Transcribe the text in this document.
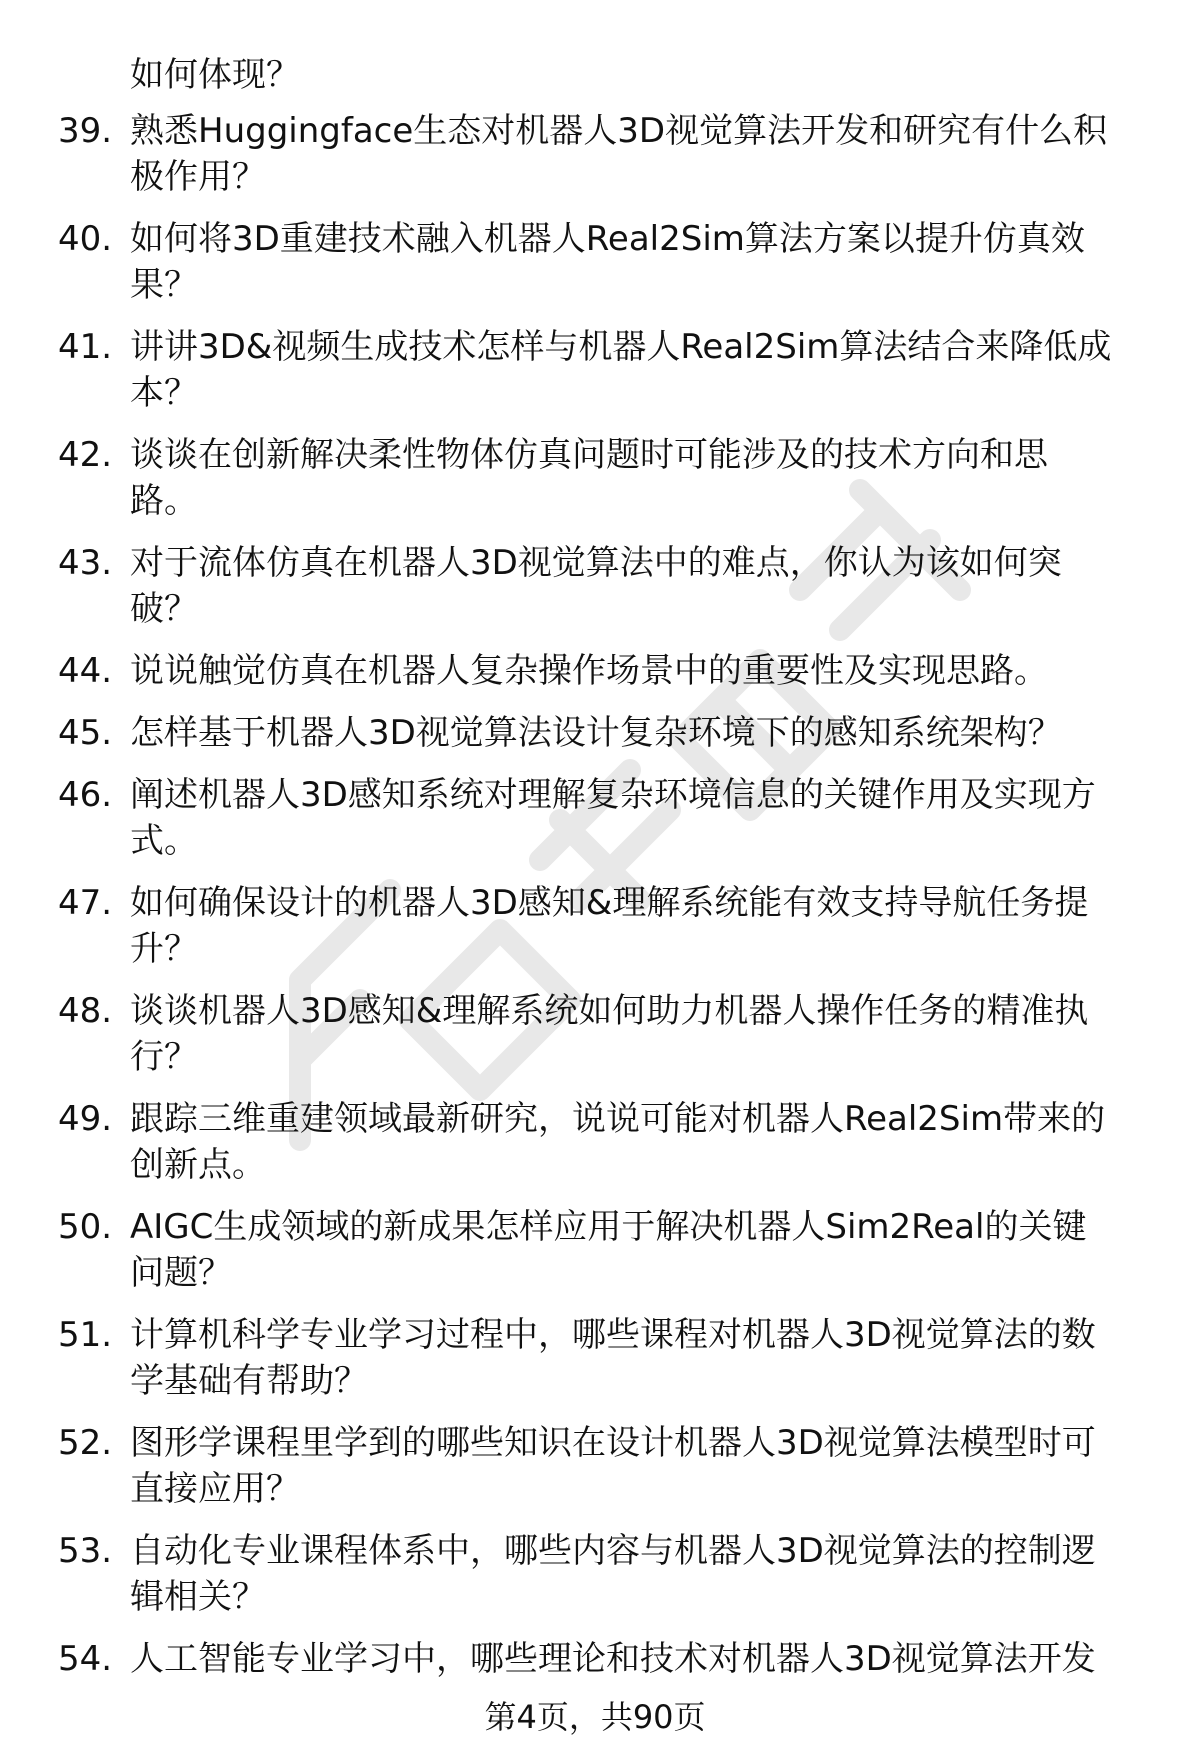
如何体现？
39. 熟悉Huggingface生态对机器人3D视觉算法开发和研究有什么积
极作用？
40. 如何将3D重建技术融入机器人Real2Sim算法方案以提升仿真效
果？
41. 讲讲3D&视频生成技术怎样与机器人Real2Sim算法结合来降低成
本？
42. 谈谈在创新解决柔性物体仿真问题时可能涉及的技术方向和思
路。
43. 对于流体仿真在机器人3D视觉算法中的难点，你认为该如何突
破？
44. 说说触觉仿真在机器人复杂操作场景中的重要性及实现思路。
45. 怎样基于机器人3D视觉算法设计复杂环境下的感知系统架构？
46. 阐述机器人3D感知系统对理解复杂环境信息的关键作用及实现方
式。
47. 如何确保设计的机器人3D感知&理解系统能有效支持导航任务提
升？
48. 谈谈机器人3D感知&理解系统如何助力机器人操作任务的精准执
行？
49. 跟踪三维重建领域最新研究，说说可能对机器人Real2Sim带来的
创新点。
50. AIGC生成领域的新成果怎样应用于解决机器人Sim2Real的关键
问题？
51. 计算机科学专业学习过程中，哪些课程对机器人3D视觉算法的数
学基础有帮助？
52. 图形学课程里学到的哪些知识在设计机器人3D视觉算法模型时可
直接应用？
53. 自动化专业课程体系中，哪些内容与机器人3D视觉算法的控制逻
辑相关？
54. 人工智能专业学习中，哪些理论和技术对机器人3D视觉算法开发
第4页，共90页
